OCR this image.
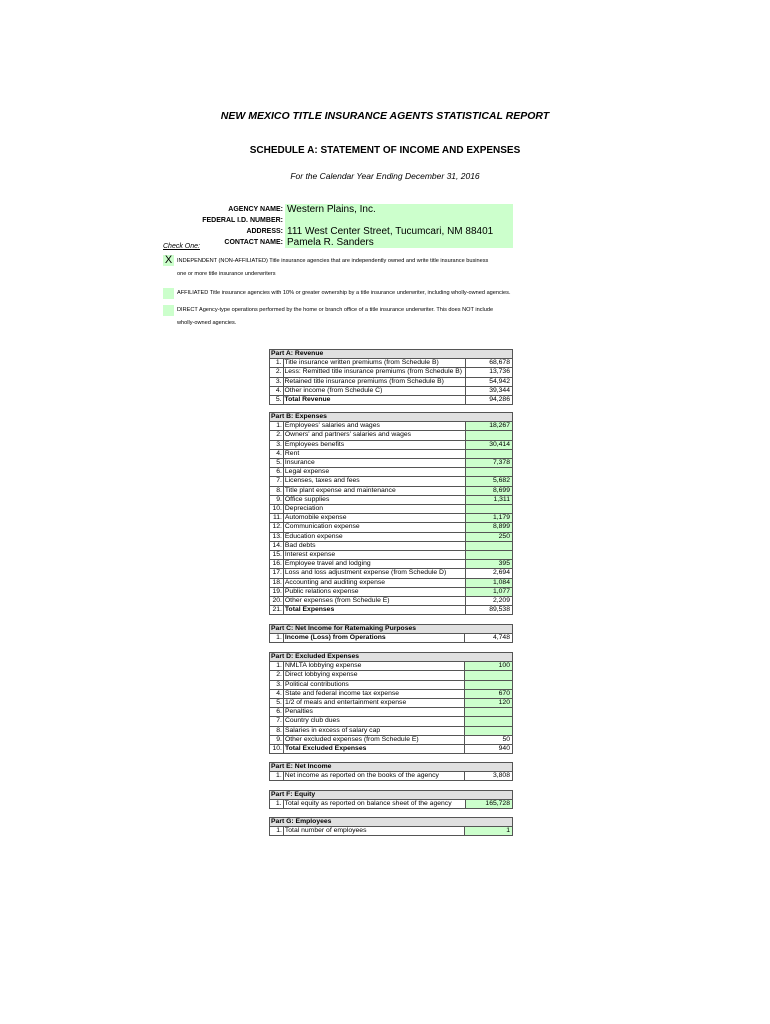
NEW MEXICO TITLE INSURANCE AGENTS STATISTICAL REPORT
SCHEDULE A: STATEMENT OF INCOME AND EXPENSES
For the Calendar Year Ending December 31, 2016
AGENCY NAME: Western Plains, Inc.
FEDERAL I.D. NUMBER:
ADDRESS: 111 West Center Street, Tucumcari, NM 88401
CONTACT NAME: Pamela R. Sanders
Check One:
X INDEPENDENT (NON-AFFILIATED) Title insurance agencies that are independently owned and write title insurance business
one or more title insurance underwriters
AFFILIATED Title insurance agencies with 10% or greater ownership by a title insurance underwriter, including wholly-owned agencies.
DIRECT Agency-type operations performed by the home or branch office of a title insurance underwriter. This does NOT include
wholly-owned agencies.
Part A: Revenue		
1.	Title insurance written premiums (from Schedule B)	68,678
2.	Less: Remitted title insurance premiums (from Schedule B)	13,736
3.	Retained title insurance premiums (from Schedule B)	54,942
4.	Other income (from Schedule C)	39,344
5.	Total Revenue	94,286
Part B: Expenses		
1.	Employees' salaries and wages	18,267
2.	Owners' and partners' salaries and wages	
3.	Employees benefits	30,414
4.	Rent	
5.	Insurance	7,378
6.	Legal expense	
7.	Licenses, taxes and fees	5,682
8.	Title plant expense and maintenance	8,699
9.	Office supplies	1,311
10.	Depreciation	
11.	Automobile expense	1,179
12.	Communication expense	8,899
13.	Education expense	250
14.	Bad debts	
15.	Interest expense	
16.	Employee travel and lodging	395
17.	Loss and loss adjustment expense (from Schedule D)	2,694
18.	Accounting and auditing expense	1,084
19.	Public relations expense	1,077
20.	Other expenses (from Schedule E)	2,209
21.	Total Expenses	89,538
Part C: Net Income for Ratemaking Purposes
1.	Income (Loss) from Operations	4,748
Part D: Excluded Expenses		
1.	NMLTA lobbying expense	100
2.	Direct lobbying expense	
3.	Political contributions	
4.	State and federal income tax expense	670
5.	1/2 of meals and entertainment expense	120
6.	Penalties	
7.	Country club dues	
8.	Salaries in excess of salary cap	
9.	Other excluded expenses (from Schedule E)	50
10.	Total Excluded Expenses	940
Part E: Net Income
1.	Net income as reported on the books of the agency	3,808
Part F: Equity
1.	Total equity as reported on balance sheet of the agency	165,728
Part G: Employees
1.	Total number of employees	1
